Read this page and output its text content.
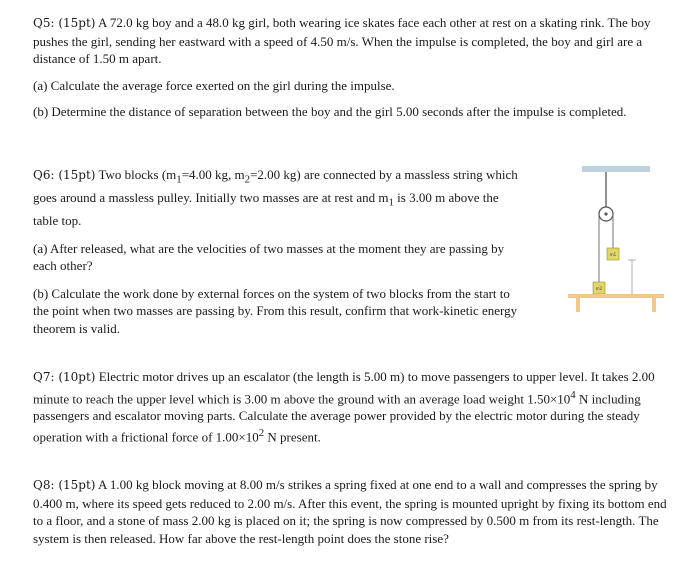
Q5: (15pt) A 72.0 kg boy and a 48.0 kg girl, both wearing ice skates face each other at rest on a skating rink. The boy pushes the girl, sending her eastward with a speed of 4.50 m/s. When the impulse is completed, the boy and girl are a distance of 1.50 m apart.

(a) Calculate the average force exerted on the girl during the impulse.

(b) Determine the distance of separation between the boy and the girl 5.00 seconds after the impulse is completed.

Q6: (15pt) Two blocks ($m_1=4.00$ kg, $m_2=2.00$ kg) are connected by a massless string which goes around a massless pulley. Initially two masses are at rest and $m_1$ is 3.00 m above the table top.

(a) After released, what are the velocities of two masses at the moment they are passing by each other?

(b) Calculate the work done by external forces on the system of two blocks from the start to the point when two masses are passing by. From this result, confirm that work-kinetic energy theorem is valid.

m1
m2

Q7: (10pt) Electric motor drives up an escalator (the length is 5.00 m) to move passengers to upper level. It takes 2.00 minute to reach the upper level which is 3.00 m above the ground with an average load weight $1.50\times 10^4$ N including passengers and escalator moving parts. Calculate the average power provided by the electric motor during the steady operation with a frictional force of $1.00\times 10^2$ N present.

Q8: (15pt) A 1.00 kg block moving at 8.00 m/s strikes a spring fixed at one end to a wall and compresses the spring by 0.400 m, where its speed gets reduced to 2.00 m/s. After this event, the spring is mounted upright by fixing its bottom end to a floor, and a stone of mass 2.00 kg is placed on it; the spring is now compressed by 0.500 m from its rest-length. The system is then released. How far above the rest-length point does the stone rise?
